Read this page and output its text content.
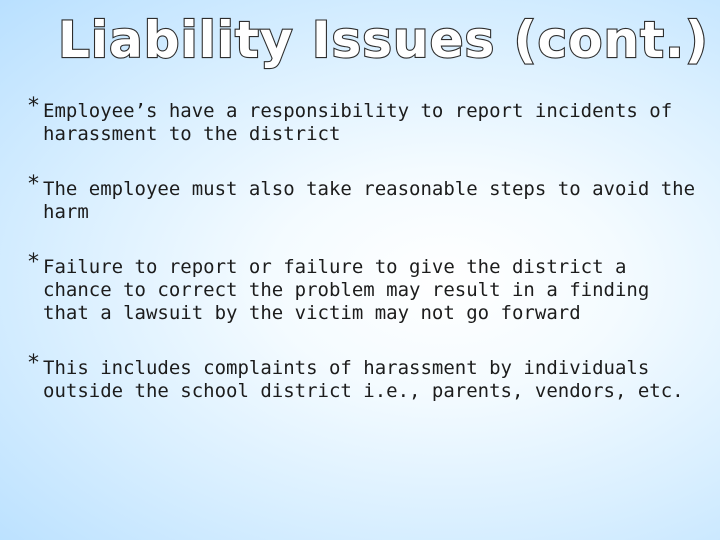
Liability Issues (cont.)
* Employee’s have a responsibility to report incidents of harassment to the district
* The employee must also take reasonable steps to avoid the harm
* Failure to report or failure to give the district a chance to correct the problem may result in a finding that a lawsuit by the victim may not go forward
* This includes complaints of harassment by individuals outside the school district i.e., parents, vendors, etc.
